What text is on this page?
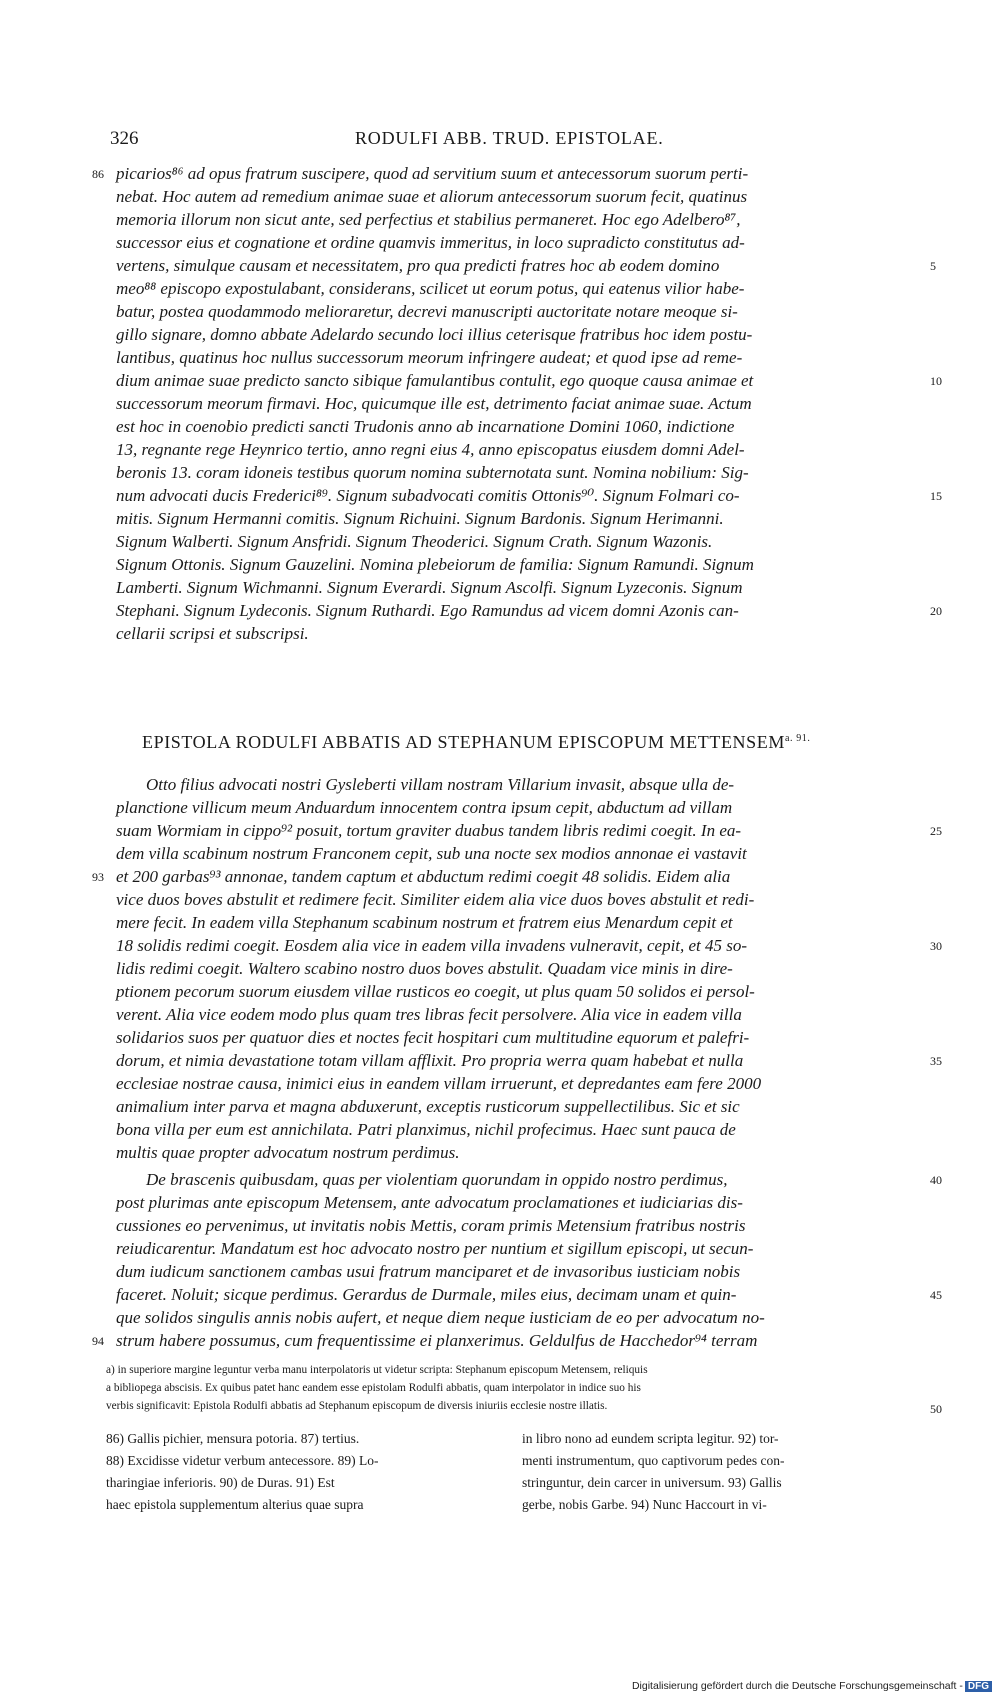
326	RODULFI ABB. TRUD. EPISTOLAE.
86 picarios⁸⁶ ad opus fratrum suscipere, quod ad servitium suum et antecessorum suorum perti-
nebat. Hoc autem ad remedium animae suae et aliorum antecessorum suorum fecit, quatinus
memoria illorum non sicut ante, sed perfectius et stabilius permaneret. Hoc ego Adelbero⁸⁷,
successor eius et cognatione et ordine quamvis immeritus, in loco supradicto constitutus ad-
vertens, simulque causam et necessitatem, pro qua predicti fratres hoc ab eodem domino
meo⁸⁸ episcopo expostulabant, considerans, scilicet ut eorum potus, qui eatenus vilior habe-
batur, postea quodammodo melioraretur, decrevi manuscripti auctoritate notare meoque si-
gillo signare, domno abbate Adelardo secundo loci illius ceterisque fratribus hoc idem postu-
lantibus, quatinus hoc nullus successorum meorum infringere audeat; et quod ipse ad reme-
dium animae suae predicto sancto sibique famulantibus contulit, ego quoque causa animae et
successorum meorum firmavi. Hoc, quicumque ille est, detrimento faciat animae suae. Actum
est hoc in coenobio predicti sancti Trudonis anno ab incarnatione Domini 1060, indictione
13, regnante rege Heynrico tertio, anno regni eius 4, anno episcopatus eiusdem domni Adel-
beronis 13. coram idoneis testibus quorum nomina subternotata sunt. Nomina nobilium: Sig-
num advocati ducis Frederici⁸⁹. Signum subadvocati comitis Ottonis⁹⁰. Signum Folmari co-
mitis. Signum Hermanni comitis. Signum Richuini. Signum Bardonis. Signum Herimanni.
Signum Walberti. Signum Ansfridi. Signum Theoderici. Signum Crath. Signum Wazonis.
Signum Ottonis. Signum Gauzelini. Nomina plebeiorum de familia: Signum Ramundi. Signum
Lamberti. Signum Wichmanni. Signum Everardi. Signum Ascolfi. Signum Lyzeconis. Signum
Stephani. Signum Lydeconis. Signum Ruthardi. Ego Ramundus ad vicem domni Azonis can-
cellarii scripsi et subscripsi.
5
10
15
20
EPISTOLA RODULFI ABBATIS AD STEPHANUM EPISCOPUM $METTENSEM^{a. 91.}$
Otto filius advocati nostri Gysleberti villam nostram Villarium invasit, absque ulla de-
planctione villicum meum Anduardum innocentem contra ipsum cepit, abductum ad villam
suam Wormiam in cippo⁹² posuit, tortum graviter duabus tandem libris redimi coegit. In ea-
dem villa scabinum nostrum Franconem cepit, sub una nocte sex modios annonae ei vastavit
et 200 garbas⁹³ annonae, tandem captum et abductum redimi coegit 48 solidis. Eidem alia
vice duos boves abstulit et redimere fecit. Similiter eidem alia vice duos boves abstulit et redi-
mere fecit. In eadem villa Stephanum scabinum nostrum et fratrem eius Menardum cepit et
18 solidis redimi coegit. Eosdem alia vice in eadem villa invadens vulneravit, cepit, et 45 so-
lidis redimi coegit. Waltero scabino nostro duos boves abstulit. Quadam vice minis in dire-
ptionem pecorum suorum eiusdem villae rusticos eo coegit, ut plus quam 50 solidos ei persol-
verent. Alia vice eodem modo plus quam tres libras fecit persolvere. Alia vice in eadem villa
solidarios suos per quatuor dies et noctes fecit hospitari cum multitudine equorum et palefri-
dorum, et nimia devastatione totam villam afflixit. Pro propria werra quam habebat et nulla
ecclesiae nostrae causa, inimici eius in eandem villam irruerunt, et depredantes eam fere 2000
animalium inter parva et magna abduxerunt, exceptis rusticorum suppellectilibus. Sic et sic
bona villa per eum est annichilata. Patri planximus, nichil profecimus. Haec sunt pauca de
multis quae propter advocatum nostrum perdimus.
De brascenis quibusdam, quas per violentiam quorundam in oppido nostro perdimus,
post plurimas ante episcopum Metensem, ante advocatum proclamationes et iudiciarias dis-
cussiones eo pervenimus, ut invitatis nobis Mettis, coram primis Metensium fratribus nostris
reiudicarentur. Mandatum est hoc advocato nostro per nuntium et sigillum episcopi, ut secun-
dum iudicum sanctionem cambas usui fratrum manciparet et de invasoribus iusticiam nobis
faceret. Noluit; sicque perdimus. Gerardus de Durmale, miles eius, decimam unam et quin-
que solidos singulis annis nobis aufert, et neque diem neque iusticiam de eo per advocatum no-
strum habere possumus, cum frequentissime ei planxerimus. Geldulfus de Hacchedor⁹⁴ terram
93
94
25
30
35
40
45
a) in superiore margine leguntur verba manu interpolatoris ut videtur scripta: Stephanum episcopum Metensem, reliquis
a bibliopega abscisis. Ex quibus patet hanc eandem esse epistolam Rodulfi abbatis, quam interpolator in indice suo his
verbis significavit: Epistola Rodulfi abbatis ad Stephanum episcopum de diversis iniuriis ecclesie nostre illatis.	50
86) Gallis pichier, mensura potoria. 87) tertius.
88) Excidisse videtur verbum antecessore. 89) Lo-
tharingiae inferioris. 90) de Duras. 91) Est
haec epistola supplementum alterius quae supra
in libro nono ad eundem scripta legitur. 92) tor-
menti instrumentum, quo captivorum pedes con-
stringuntur, dein carcer in universum. 93) Gallis
gerbe, nobis Garbe. 94) Nunc Haccourt in vi-
Digitalisierung gefördert durch die Deutsche Forschungsgemeinschaft - DFG
